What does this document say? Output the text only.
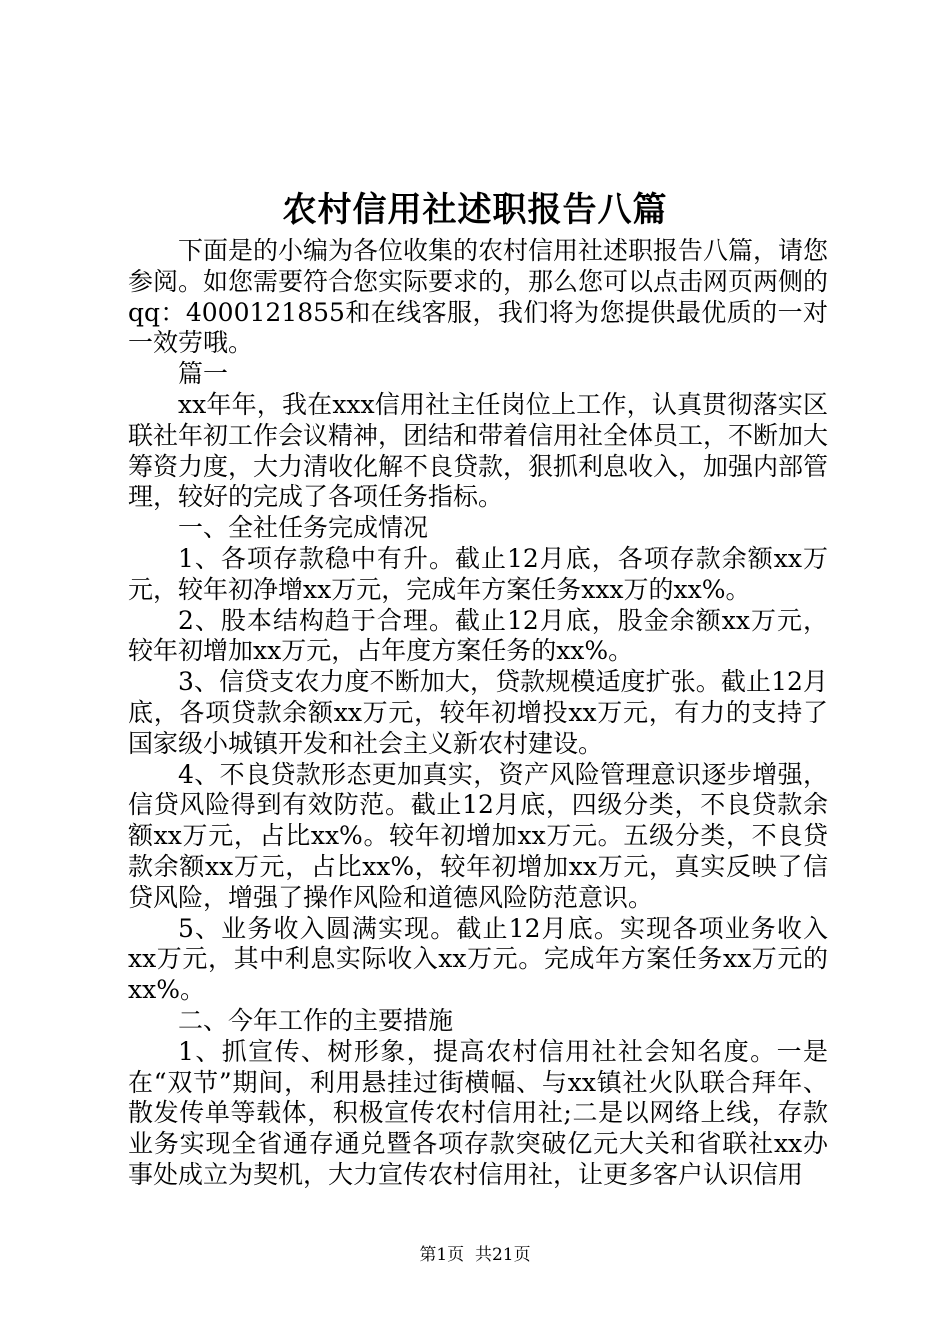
农村信用社述职报告八篇

下面是的小编为各位收集的农村信用社述职报告八篇，请您参阅。如您需要符合您实际要求的，那么您可以点击网页两侧的qq：4000121855和在线客服，我们将为您提供最优质的一对一效劳哦。

篇一

xx年年，我在xxx信用社主任岗位上工作，认真贯彻落实区联社年初工作会议精神，团结和带着信用社全体员工，不断加大筹资力度，大力清收化解不良贷款，狠抓利息收入，加强内部管理，较好的完成了各项任务指标。

一、全社任务完成情况

1、各项存款稳中有升。截止12月底，各项存款余额xx万元，较年初净增xx万元，完成年方案任务xxx万的xx%。

2、股本结构趋于合理。截止12月底，股金余额xx万元，较年初增加xx万元，占年度方案任务的xx%。

3、信贷支农力度不断加大，贷款规模适度扩张。截止12月底，各项贷款余额xx万元，较年初增投xx万元，有力的支持了国家级小城镇开发和社会主义新农村建设。

4、不良贷款形态更加真实，资产风险管理意识逐步增强，信贷风险得到有效防范。截止12月底，四级分类，不良贷款余额xx万元，占比xx%。较年初增加xx万元。五级分类，不良贷款余额xx万元，占比xx%，较年初增加xx万元，真实反映了信贷风险，增强了操作风险和道德风险防范意识。

5、业务收入圆满实现。截止12月底。实现各项业务收入xx万元，其中利息实际收入xx万元。完成年方案任务xx万元的xx%。

二、今年工作的主要措施

1、抓宣传、树形象，提高农村信用社社会知名度。一是在“双节”期间，利用悬挂过街横幅、与xx镇社火队联合拜年、散发传单等载体，积极宣传农村信用社;二是以网络上线，存款业务实现全省通存通兑暨各项存款突破亿元大关和省联社xx办事处成立为契机，大力宣传农村信用社，让更多客户认识信用

第1页  共21页
